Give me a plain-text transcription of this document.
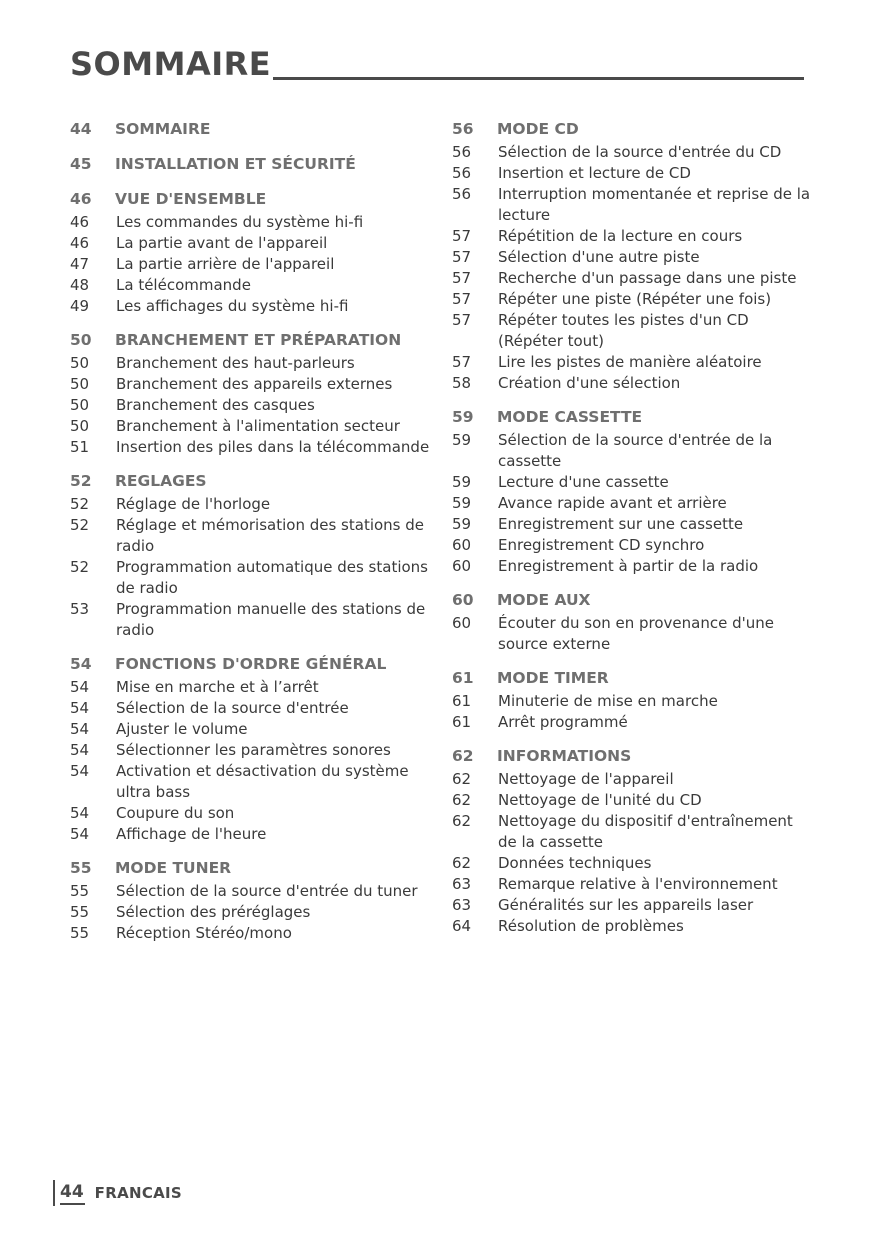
SOMMAIRE
44	SOMMAIRE
45	INSTALLATION ET SÉCURITÉ
46	VUE D'ENSEMBLE
46	Les commandes du système hi-fi
46	La partie avant de l'appareil
47	La partie arrière de l'appareil
48	La télécommande
49	Les affichages du système hi-fi
50	BRANCHEMENT ET PRÉPARATION
50	Branchement des haut-parleurs
50	Branchement des appareils externes
50	Branchement des casques
50	Branchement à l'alimentation secteur
51	Insertion des piles dans la télécommande
52	REGLAGES
52	Réglage de l'horloge
52	Réglage et mémorisation des stations de radio
52	Programmation automatique des stations de radio
53	Programmation manuelle des stations de radio
54	FONCTIONS D'ORDRE GÉNÉRAL
54	Mise en marche et à l’arrêt
54	Sélection de la source d'entrée
54	Ajuster le volume
54	Sélectionner les paramètres sonores
54	Activation et désactivation du système ultra bass
54	Coupure du son
54	Affichage de l'heure
55	MODE TUNER
55	Sélection de la source d'entrée du tuner
55	Sélection des préréglages
55	Réception Stéréo/mono
56	MODE CD
56	Sélection de la source d'entrée du CD
56	Insertion et lecture de CD
56	Interruption momentanée et reprise de la lecture
57	Répétition de la lecture en cours
57	Sélection d'une autre piste
57	Recherche d'un passage dans une piste
57	Répéter une piste (Répéter une fois)
57	Répéter toutes les pistes d'un CD (Répéter tout)
57	Lire les pistes de manière aléatoire
58	Création d'une sélection
59	MODE CASSETTE
59	Sélection de la source d'entrée de la cassette
59	Lecture d'une cassette
59	Avance rapide avant et arrière
59	Enregistrement sur une cassette
60	Enregistrement CD synchro
60	Enregistrement à partir de la radio
60	MODE AUX
60	Écouter du son en provenance d'une source externe
61	MODE TIMER
61	Minuterie de mise en marche
61	Arrêt programmé
62	INFORMATIONS
62	Nettoyage de l'appareil
62	Nettoyage de l'unité du CD
62	Nettoyage du dispositif d'entraînement de la cassette
62	Données techniques
63	Remarque relative à l'environnement
63	Généralités sur les appareils laser
64	Résolution de problèmes
44 FRANCAIS
